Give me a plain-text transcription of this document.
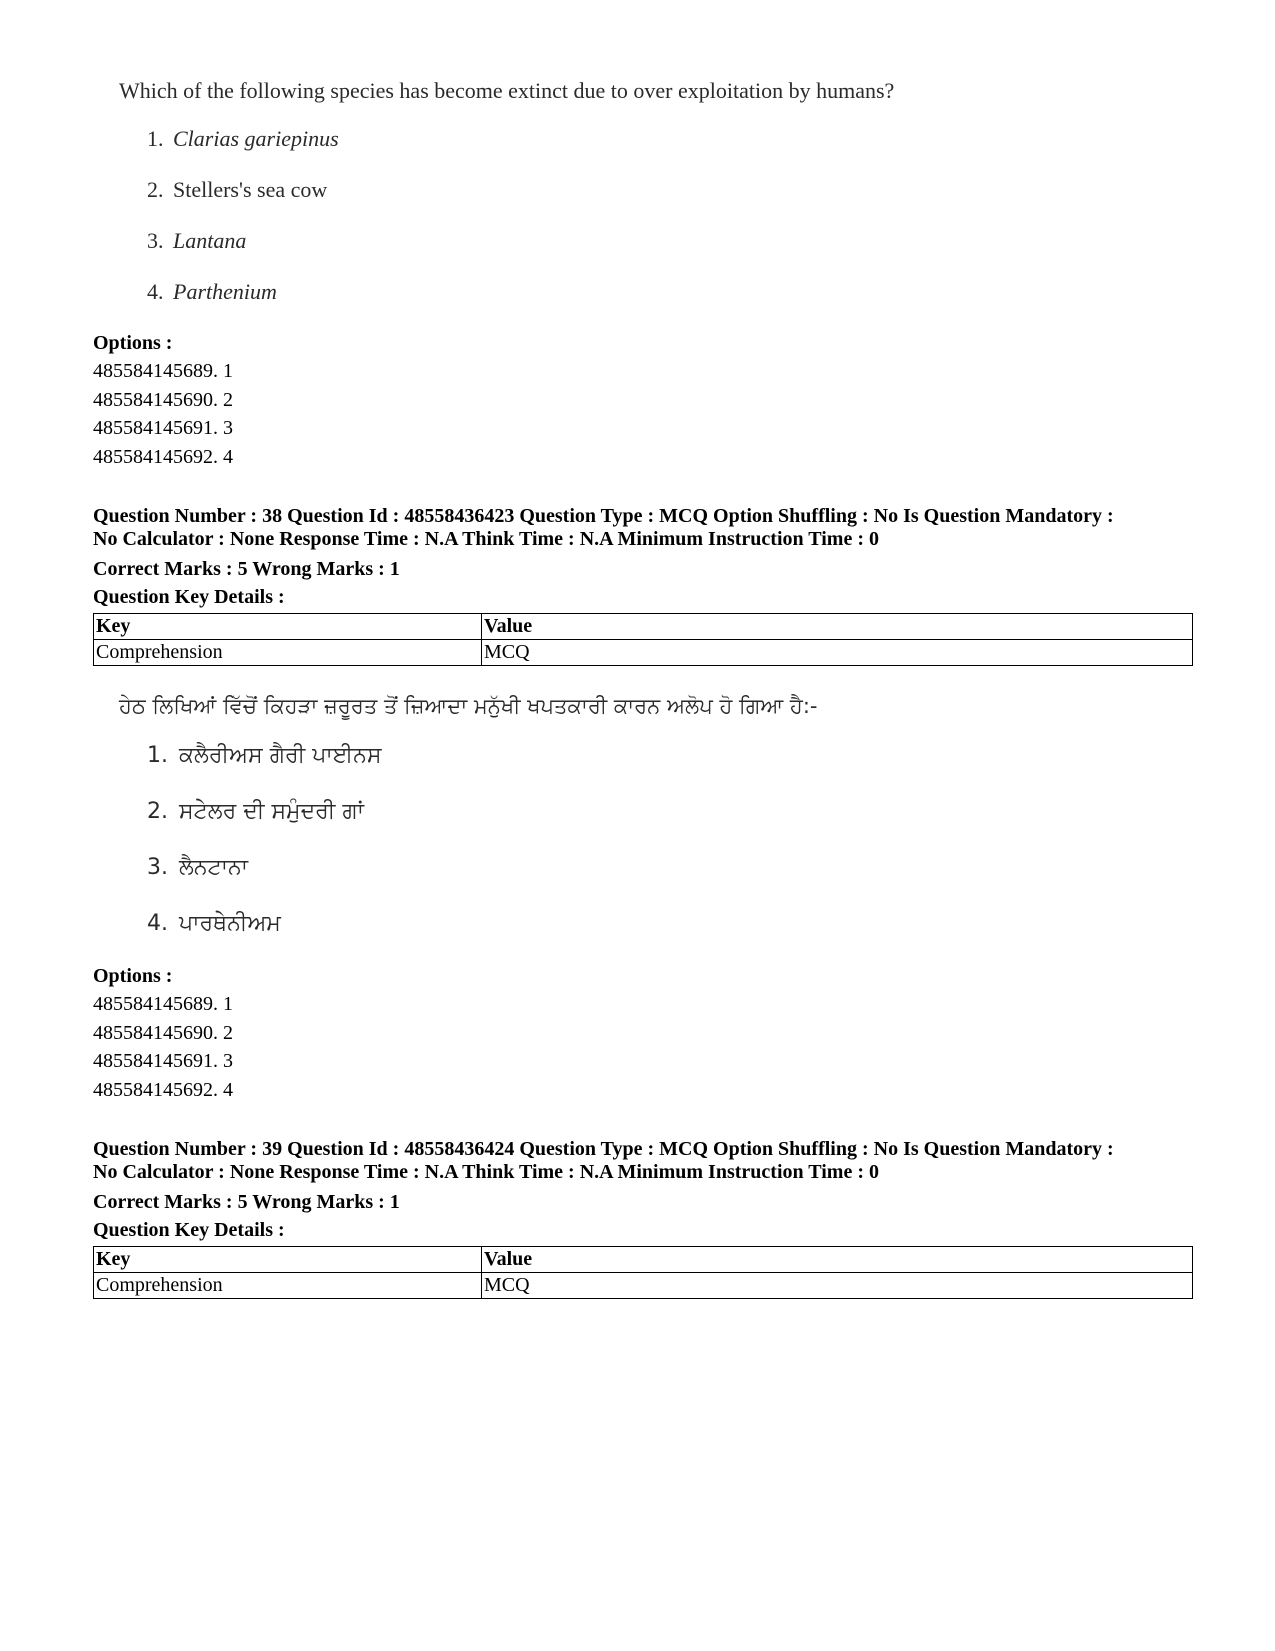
Which of the following species has become extinct due to over exploitation by humans?
1. Clarias gariepinus
2. Stellers's sea cow
3. Lantana
4. Parthenium
Options :
485584145689. 1
485584145690. 2
485584145691. 3
485584145692. 4
Question Number : 38 Question Id : 48558436423 Question Type : MCQ Option Shuffling : No Is Question Mandatory :
No Calculator : None Response Time : N.A Think Time : N.A Minimum Instruction Time : 0
Correct Marks : 5 Wrong Marks : 1
Question Key Details :
Key	Value
Comprehension	MCQ
ਹੇਠ ਲਿਖਿਆਂ ਵਿੱਚੋਂ ਕਿਹੜਾ ਜ਼ਰੂਰਤ ਤੋਂ ਜ਼ਿਆਦਾ ਮਨੁੱਖੀ ਖਪਤਕਾਰੀ ਕਾਰਨ ਅਲੋਪ ਹੋ ਗਿਆ ਹੈ:-
1. ਕਲੈਰੀਅਸ ਗੈਰੀ ਪਾਈਨਸ
2. ਸਟੇਲਰ ਦੀ ਸਮੁੰਦਰੀ ਗਾਂ
3. ਲੈਨਟਾਨਾ
4. ਪਾਰਥੇਨੀਅਮ
Options :
485584145689. 1
485584145690. 2
485584145691. 3
485584145692. 4
Question Number : 39 Question Id : 48558436424 Question Type : MCQ Option Shuffling : No Is Question Mandatory :
No Calculator : None Response Time : N.A Think Time : N.A Minimum Instruction Time : 0
Correct Marks : 5 Wrong Marks : 1
Question Key Details :
Key	Value
Comprehension	MCQ
